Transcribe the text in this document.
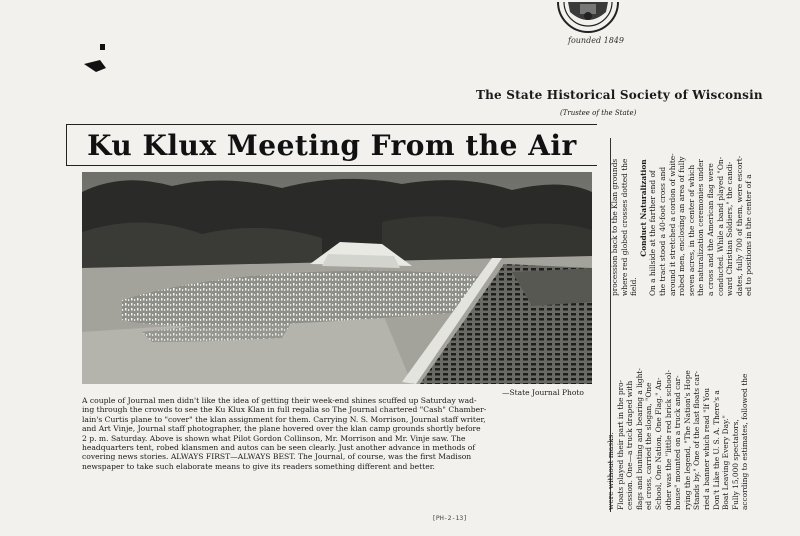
founded 1849
The State Historical Society of Wisconsin
(Trustee of the State)
Ku Klux Meeting From the Air
—State Journal Photo
A couple of Journal men didn't like the idea of getting their week-end shines scuffed up Saturday wad-
ing through the crowds to see the Ku Klux Klan in full regalia so The Journal chartered "Cash" Chamber-
lain's Curtis plane to "cover" the klan assignment for them. Carrying N. S. Morrison, Journal staff writer,
and Art Vinje, Journal staff photographer, the plane hovered over the klan camp grounds shortly before
2 p. m. Saturday. Above is shown what Pilot Gordon Collinson, Mr. Morrison and Mr. Vinje saw. The
headquarters tent, robed klansmen and autos can be seen clearly. Just another advance in methods of
covering news stories. ALWAYS FIRST—ALWAYS BEST. The Journal, of course, was the first Madison
newspaper to take such elaborate means to give its readers something different and better.	were without masks. Floats played their part in the pro- cession. One—a truck draped with flags and bunting and bearing a light- ed cross, carried the slogan, "One School, One Nation, One Flag." An- other was the "little red brick school- house" mounted on a truck and car- rying the legend, "The Nation's Hope Stands by." One of the last floats car- ried a banner which read "If You Don't Like the U. S. A. There's a Boat Leaving Every Day." Fully 15,000 spectators, according to estimates, followed the
procession back to the Klan grounds where red globed crosses dotted the field.
Conduct Naturalization On a hillside at the farther end of the tract stood a 40-foot cross and around it stretched a cordon of white- robed men, enclosing an area of fully seven acres, in the center of which the naturalization ceremonies under a cross and the American flag were conducted. While a band played "On- ward Christian Soldiers," the candi- dates, fully 700 of them, were escort- ed to positions in the center of a
[PH-2-13]
